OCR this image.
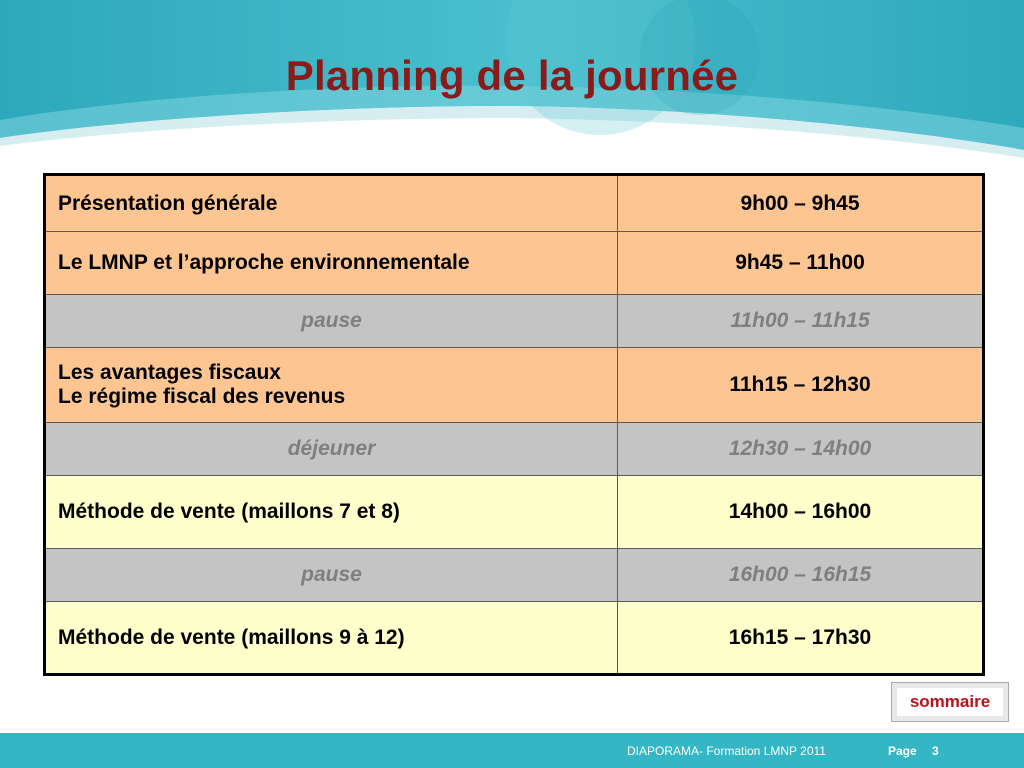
Planning de la journée
Présentation générale	9h00 – 9h45

Le LMNP et l’approche environnementale	9h45 – 11h00

pause	11h00 – 11h15

Les avantages fiscaux
Le régime fiscal des revenus	11h15 – 12h30

déjeuner	12h30 – 14h00

Méthode de vente (maillons 7 et 8)	14h00 – 16h00

pause	16h00 – 16h15

Méthode de vente (maillons 9 à 12)	16h15 – 17h30
sommaire
DIAPORAMA- Formation LMNP 2011	Page 3
